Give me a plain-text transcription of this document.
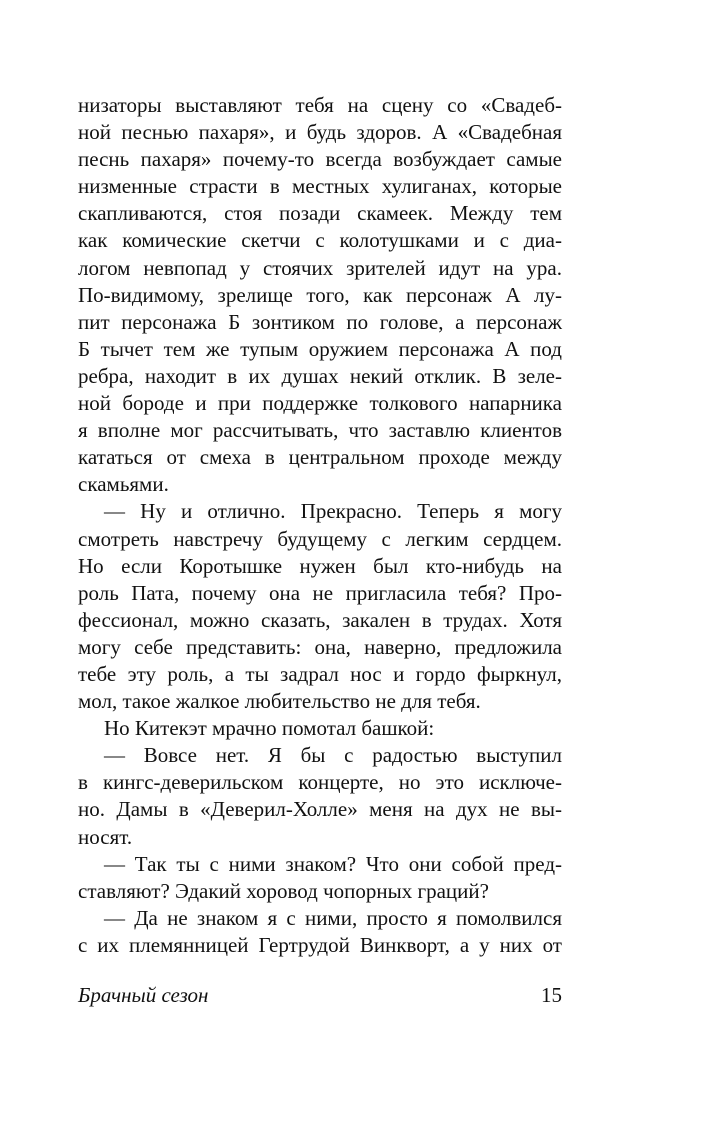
низаторы выставляют тебя на сцену со «Свадеб-
ной песнью пахаря», и будь здоров. А «Свадебная
песнь пахаря» почему-то всегда возбуждает самые
низменные страсти в местных хулиганах, которые
скапливаются, стоя позади скамеек. Между тем
как комические скетчи с колотушками и с диа-
логом невпопад у стоячих зрителей идут на ура.
По-видимому, зрелище того, как персонаж А лу-
пит персонажа Б зонтиком по голове, а персонаж
Б тычет тем же тупым оружием персонажа А под
ребра, находит в их душах некий отклик. В зеле-
ной бороде и при поддержке толкового напарника
я вполне мог рассчитывать, что заставлю клиентов
кататься от смеха в центральном проходе между
скамьями.
— Ну и отлично. Прекрасно. Теперь я могу
смотреть навстречу будущему с легким сердцем.
Но если Коротышке нужен был кто-нибудь на
роль Пата, почему она не пригласила тебя? Про-
фессионал, можно сказать, закален в трудах. Хотя
могу себе представить: она, наверно, предложила
тебе эту роль, а ты задрал нос и гордо фыркнул,
мол, такое жалкое любительство не для тебя.
Но Китекэт мрачно помотал башкой:
— Вовсе нет. Я бы с радостью выступил
в кингс-деверильском концерте, но это исключе-
но. Дамы в «Деверил-Холле» меня на дух не вы-
носят.
— Так ты с ними знаком? Что они собой пред-
ставляют? Эдакий хоровод чопорных граций?
— Да не знаком я с ними, просто я помолвился
с их племянницей Гертрудой Винкворт, а у них от
Брачный сезон	15
